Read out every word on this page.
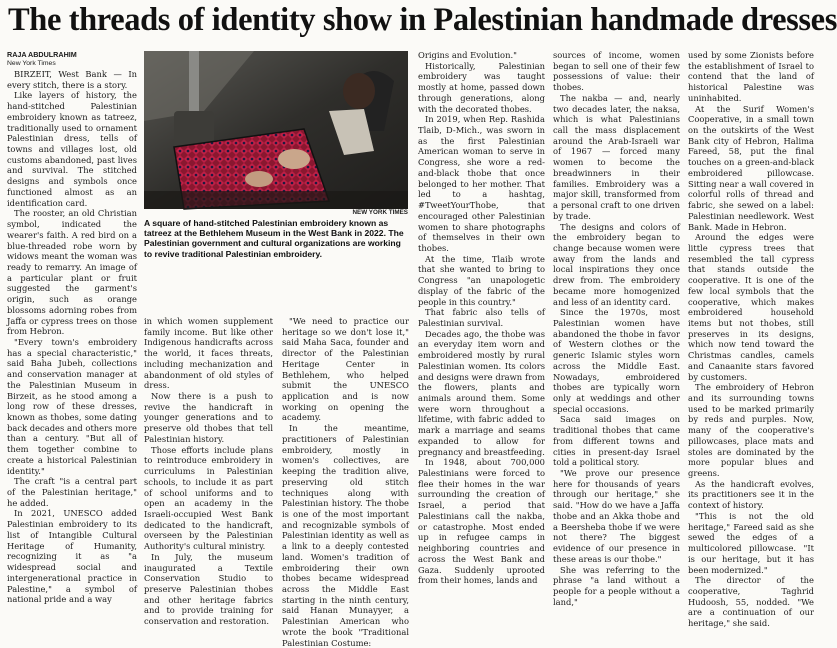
The threads of identity show in Palestinian handmade dresses

RAJA ABDULRAHIM

New York Times

BIRZEIT, West Bank — In every stitch, there is a story.

Like layers of history, the hand-stitched Palestinian embroidery known as tatreez, traditionally used to ornament Palestinian dress, tells of towns and villages lost, old customs abandoned, past lives and survival. The stitched designs and symbols once functioned almost as an identification card.

The rooster, an old Christian symbol, indicated the wearer's faith. A red bird on a blue-threaded robe worn by widows meant the woman was ready to remarry. An image of a particular plant or fruit suggested the garment's origin, such as orange blossoms adorning robes from Jaffa or cypress trees on those from Hebron.

"Every town's embroidery has a special characteristic," said Baha Jubeh, collections and conservation manager at the Palestinian Museum in Birzeit, as he stood among a long row of these dresses, known as thobes, some dating back decades and others more than a century. "But all of them together combine to create a historical Palestinian identity."

The craft "is a central part of the Palestinian heritage," he added.

In 2021, UNESCO added Palestinian embroidery to its list of Intangible Cultural Heritage of Humanity, recognizing it as "a widespread social and intergenerational practice in Palestine," a symbol of national pride and a way

NEW YORK TIMES
A square of hand-stitched Palestinian embroidery known as tatreez at the Bethlehem Museum in the West Bank in 2022. The Palestinian government and cultural organizations are working to revive traditional Palestinian embroidery.

in which women supplement family income. But like other Indigenous handicrafts across the world, it faces threats, including mechanization and abandonment of old styles of dress.

Now there is a push to revive the handicraft in younger generations and to preserve old thobes that tell Palestinian history.

Those efforts include plans to reintroduce embroidery in curriculums in Palestinian schools, to include it as part of school uniforms and to open an academy in the Israeli-occupied West Bank dedicated to the handicraft, overseen by the Palestinian Authority's cultural ministry.

In July, the museum inaugurated a Textile Conservation Studio to preserve Palestinian thobes and other heritage fabrics and to provide training for conservation and restoration.

"We need to practice our heritage so we don't lose it," said Maha Saca, founder and director of the Palestinian Heritage Center in Bethlehem, who helped submit the UNESCO application and is now working on opening the academy.

In the meantime, practitioners of Palestinian embroidery, mostly in women's collectives, are keeping the tradition alive, preserving old stitch techniques along with Palestinian history. The thobe is one of the most important and recognizable symbols of Palestinian identity as well as a link to a deeply contested land. Women's tradition of embroidering their own thobes became widespread across the Middle East starting in the ninth century, said Hanan Munayyer, a Palestinian American who wrote the book "Traditional Palestinian Costume:

Origins and Evolution."

Historically, Palestinian embroidery was taught mostly at home, passed down through generations, along with the decorated thobes.

In 2019, when Rep. Rashida Tlaib, D-Mich., was sworn in as the first Palestinian American woman to serve in Congress, she wore a red-and-black thobe that once belonged to her mother. That led to a hashtag, #TweetYourThobe, that encouraged other Palestinian women to share photographs of themselves in their own thobes.

At the time, Tlaib wrote that she wanted to bring to Congress "an unapologetic display of the fabric of the people in this country."

That fabric also tells of Palestinian survival.

Decades ago, the thobe was an everyday item worn and embroidered mostly by rural Palestinian women. Its colors and designs were drawn from the flowers, plants and animals around them. Some were worn throughout a lifetime, with fabric added to mark a marriage and seams expanded to allow for pregnancy and breastfeeding.

In 1948, about 700,000 Palestinians were forced to flee their homes in the war surrounding the creation of Israel, a period that Palestinians call the nakba, or catastrophe. Most ended up in refugee camps in neighboring countries and across the West Bank and Gaza. Suddenly uprooted from their homes, lands and

sources of income, women began to sell one of their few possessions of value: their thobes.

The nakba — and, nearly two decades later, the naksa, which is what Palestinians call the mass displacement around the Arab-Israeli war of 1967 — forced many women to become the breadwinners in their families. Embroidery was a major skill, transformed from a personal craft to one driven by trade.

The designs and colors of the embroidery began to change because women were away from the lands and local inspirations they once drew from. The embroidery became more homogenized and less of an identity card.

Since the 1970s, most Palestinian women have abandoned the thobe in favor of Western clothes or the generic Islamic styles worn across the Middle East. Nowadays, embroidered thobes are typically worn only at weddings and other special occasions.

Saca said images on traditional thobes that came from different towns and cities in present-day Israel told a political story.

"We prove our presence here for thousands of years through our heritage," she said. "How do we have a Jaffa thobe and an Akka thobe and a Beersheba thobe if we were not there? The biggest evidence of our presence in these areas is our thobe."

She was referring to the phrase "a land without a people for a people without a land,"

used by some Zionists before the establishment of Israel to contend that the land of historical Palestine was uninhabited.

At the Surif Women's Cooperative, in a small town on the outskirts of the West Bank city of Hebron, Halima Fareed, 58, put the final touches on a green-and-black embroidered pillowcase. Sitting near a wall covered in colorful rolls of thread and fabric, she sewed on a label: Palestinian needlework. West Bank. Made in Hebron.

Around the edges were little cypress trees that resembled the tall cypress that stands outside the cooperative. It is one of the few local symbols that the cooperative, which makes embroidered household items but not thobes, still preserves in its designs, which now tend toward the Christmas candles, camels and Canaanite stars favored by customers.

The embroidery of Hebron and its surrounding towns used to be marked primarily by reds and purples. Now, many of the cooperative's pillowcases, place mats and stoles are dominated by the more popular blues and greens.

As the handicraft evolves, its practitioners see it in the context of history.

"This is not the old heritage," Fareed said as she sewed the edges of a multicolored pillowcase. "It is our heritage, but it has been modernized."

The director of the cooperative, Taghrid Hudoosh, 55, nodded. "We are a continuation of our heritage," she said.
